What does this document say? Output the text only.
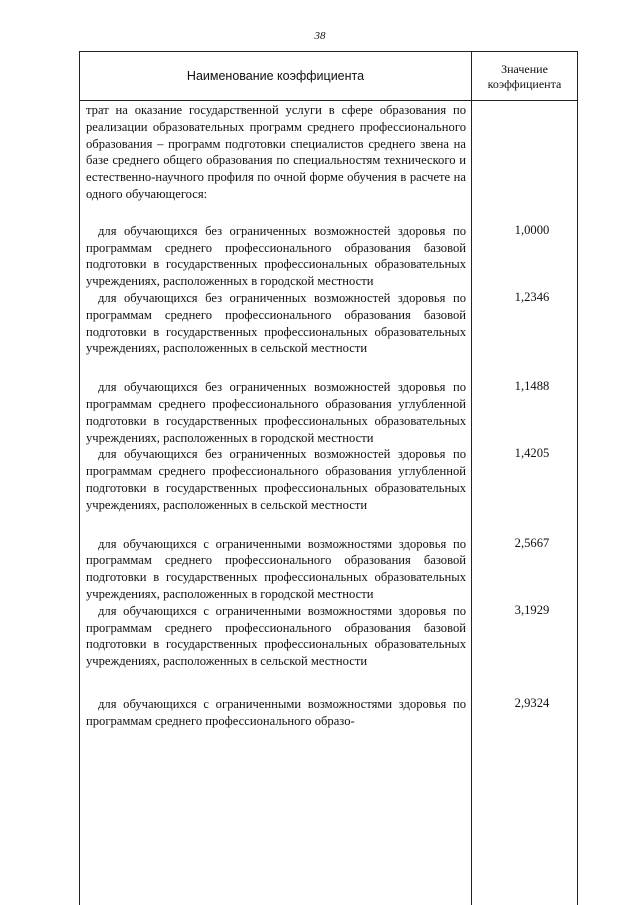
38
Наименование коэффициента	Значение
коэффициента

трат на оказание государственной услуги в сфере образования по реализации образовательных программ среднего профессионального образования – программ подготовки специалистов среднего звена на базе среднего общего образования по специальностям технического и естественно-научного профиля по очной форме обучения в расчете на одного обучающегося:

для обучающихся без ограниченных возможностей здоровья по программам среднего профессионального образования базовой подготовки в государственных профессиональных образовательных учреждениях, расположенных в городской местности

для обучающихся без ограниченных возможностей здоровья по программам среднего профессионального образования базовой подготовки в государственных профессиональных образовательных учреждениях, расположенных в сельской местности

для обучающихся без ограниченных возможностей здоровья по программам среднего профессионального образования углубленной подготовки в государственных профессиональных образовательных учреждениях, расположенных в городской местности

для обучающихся без ограниченных возможностей здоровья по программам среднего профессионального образования углубленной подготовки в государственных профессиональных образовательных учреждениях, расположенных в сельской местности

для обучающихся с ограниченными возможностями здоровья по программам среднего профессионального образования базовой подготовки в государственных профессиональных образовательных учреждениях, расположенных в городской местности

для обучающихся с ограниченными возможностями здоровья по программам среднего профессионального образования базовой подготовки в государственных профессиональных образовательных учреждениях, расположенных в сельской местности

для обучающихся с ограниченными возможностями здоровья по программам среднего профессионального образо-

1,0000
1,2346
1,1488
1,4205
2,5667
3,1929
2,9324
